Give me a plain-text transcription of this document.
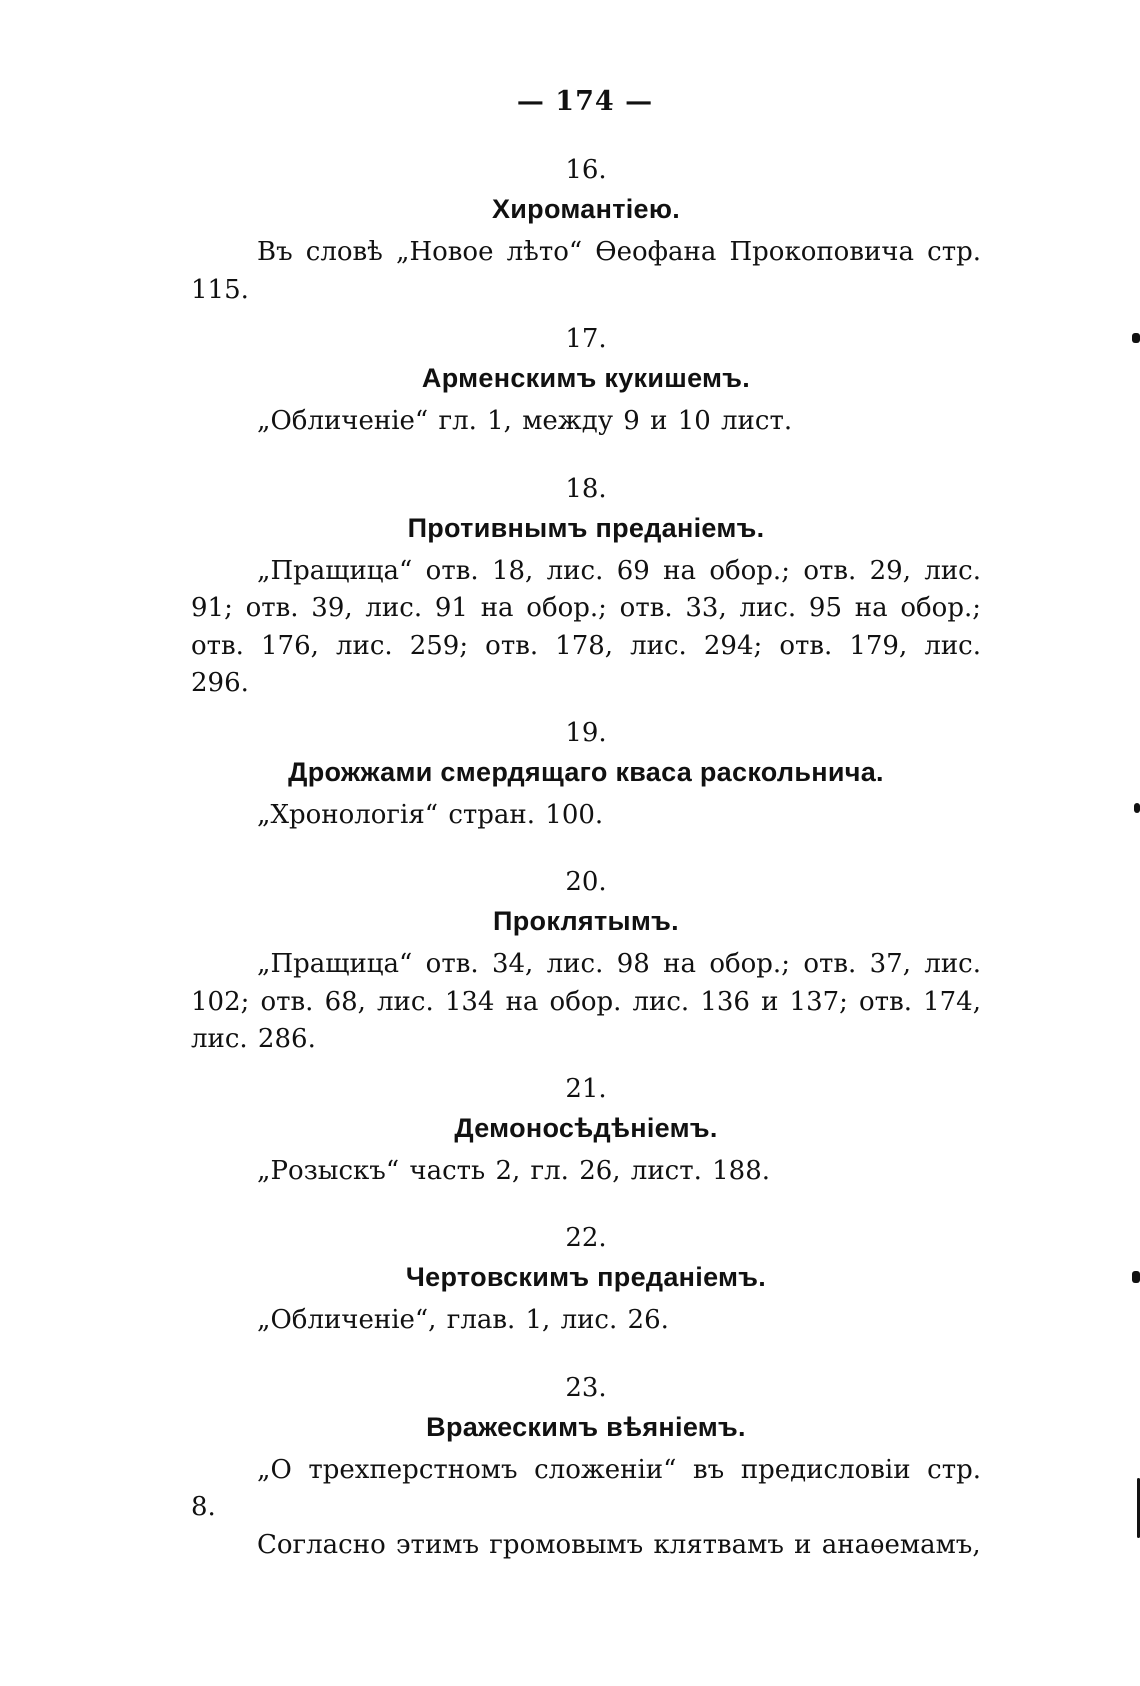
— 174 —
16.
Хиромантіею.

Въ словѣ „Новое лѣто“ Ѳеофана Прокоповича стр. 115.

17.
Арменскимъ кукишемъ.

„Обличеніе“ гл. 1, между 9 и 10 лист.

18.
Противнымъ преданіемъ.

„Пращица“ отв. 18, лис. 69 на обор.; отв. 29, лис. 91; отв. 39, лис. 91 на обор.; отв. 33, лис. 95 на обор.; отв. 176, лис. 259; отв. 178, лис. 294; отв. 179, лис. 296.

19.
Дрожжами смердящаго кваса раскольнича.

„Хронологія“ стран. 100.

20.
Проклятымъ.

„Пращица“ отв. 34, лис. 98 на обор.; отв. 37, лис. 102; отв. 68, лис. 134 на обор. лис. 136 и 137; отв. 174, лис. 286.

21.
Демоносѣдѣніемъ.

„Розыскъ“ часть 2, гл. 26, лист. 188.

22.
Чертовскимъ преданіемъ.

„Обличеніе“, глав. 1, лис. 26.

23.
Вражескимъ вѣяніемъ.

„О трехперстномъ сложеніи“ въ предисловіи стр. 8.

Согласно этимъ громовымъ клятвамъ и анаѳемамъ,
